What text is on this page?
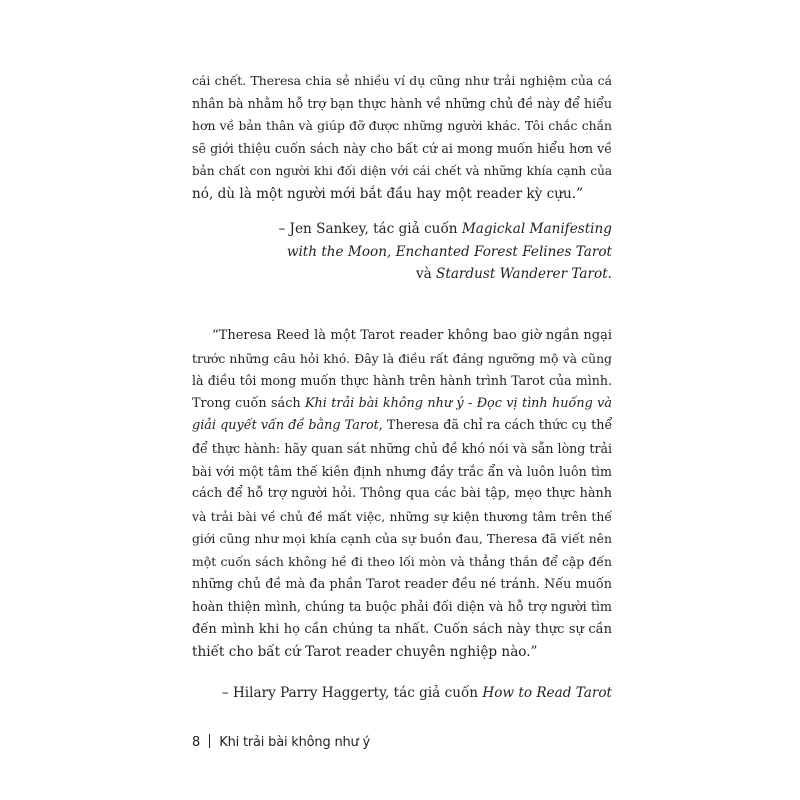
cái chết. Theresa chia sẻ nhiều ví dụ cũng như trải nghiệm của cá
nhân bà nhằm hỗ trợ bạn thực hành về những chủ đề này để hiểu
hơn về bản thân và giúp đỡ được những người khác. Tôi chắc chắn
sẽ giới thiệu cuốn sách này cho bất cứ ai mong muốn hiểu hơn về
bản chất con người khi đối diện với cái chết và những khía cạnh của
nó, dù là một người mới bắt đầu hay một reader kỳ cựu.”
– Jen Sankey, tác giả cuốn Magickal Manifesting
with the Moon, Enchanted Forest Felines Tarot
và Stardust Wanderer Tarot.
“Theresa Reed là một Tarot reader không bao giờ ngần ngại
trước những câu hỏi khó. Đây là điều rất đáng ngưỡng mộ và cũng
là điều tôi mong muốn thực hành trên hành trình Tarot của mình.
Trong cuốn sách Khi trải bài không như ý - Đọc vị tình huống và
giải quyết vấn đề bằng Tarot, Theresa đã chỉ ra cách thức cụ thể
để thực hành: hãy quan sát những chủ đề khó nói và sẵn lòng trải
bài với một tâm thế kiên định nhưng đầy trắc ẩn và luôn luôn tìm
cách để hỗ trợ người hỏi. Thông qua các bài tập, mẹo thực hành
và trải bài về chủ đề mất việc, những sự kiện thương tâm trên thế
giới cũng như mọi khía cạnh của sự buồn đau, Theresa đã viết nên
một cuốn sách không hề đi theo lối mòn và thẳng thắn để cập đến
những chủ đề mà đa phần Tarot reader đều né tránh. Nếu muốn
hoàn thiện mình, chúng ta buộc phải đối diện và hỗ trợ người tìm
đến mình khi họ cần chúng ta nhất. Cuốn sách này thực sự cần
thiết cho bất cứ Tarot reader chuyên nghiệp nào.”
– Hilary Parry Haggerty, tác giả cuốn How to Read Tarot
8 Khi trải bài không như ý
